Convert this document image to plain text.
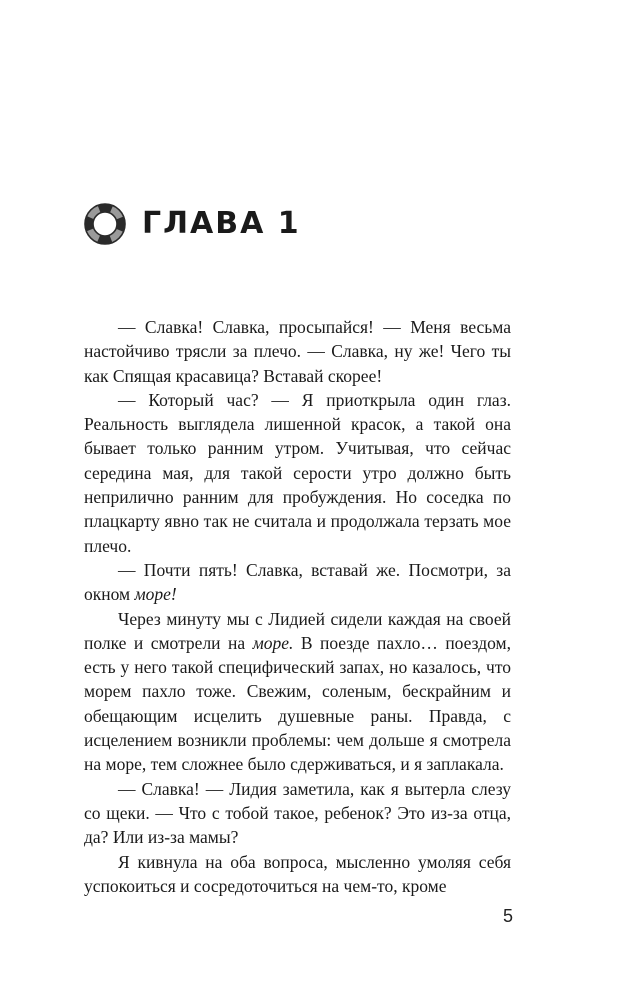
ГЛАВА 1

— Славка! Славка, просыпайся! — Меня весьма настойчиво трясли за плечо. — Славка, ну же! Чего ты как Спящая красавица? Вставай скорее!

— Который час? — Я приоткрыла один глаз. Реальность выглядела лишенной красок, а такой она бывает только ранним утром. Учитывая, что сейчас середина мая, для такой серости утро должно быть неприлично ранним для пробуждения. Но соседка по плацкарту явно так не считала и продолжала терзать мое плечо.

— Почти пять! Славка, вставай же. Посмотри, за окном море!

Через минуту мы с Лидией сидели каждая на своей полке и смотрели на море. В поезде пахло… поездом, есть у него такой специфический запах, но казалось, что морем пахло тоже. Свежим, соленым, бескрайним и обещающим исцелить душевные раны. Правда, с исцелением возникли проблемы: чем дольше я смотрела на море, тем сложнее было сдерживаться, и я заплакала.

— Славка! — Лидия заметила, как я вытерла слезу со щеки. — Что с тобой такое, ребенок? Это из-за отца, да? Или из-за мамы?

Я кивнула на оба вопроса, мысленно умоляя себя успокоиться и сосредоточиться на чем-то, кроме

5
